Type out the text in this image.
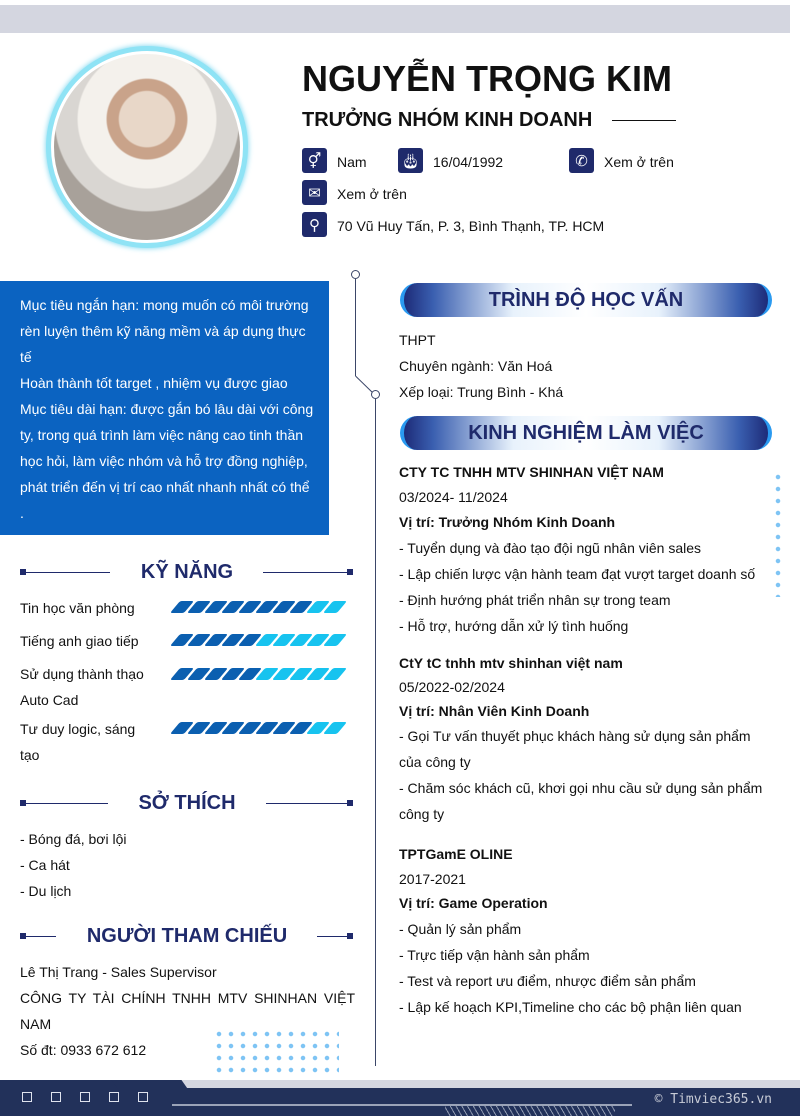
NGUYỄN TRỌNG KIM
TRƯỞNG NHÓM KINH DOANH
⚥	Nam 🎂︎ 16/04/1992	✆	Xem ở trên
✉	Xem ở trên
⚲	70 Vũ Huy Tấn, P. 3, Bình Thạnh, TP. HCM
Mục tiêu ngắn hạn: mong muốn có môi trường rèn luyện thêm kỹ năng mềm và áp dụng thực tế
Hoàn thành tốt target , nhiệm vụ được giao
Mục tiêu dài hạn: được gắn bó lâu dài với công ty, trong quá trình làm việc nâng cao tinh thần học hỏi, làm việc nhóm và hỗ trợ đồng nghiệp, phát triển đến vị trí cao nhất nhanh nhất có thể .
KỸ NĂNG
Tin học văn phòng
Tiếng anh giao tiếp
Sử dụng thành thạo Auto Cad
Tư duy logic, sáng tạo
SỞ THÍCH
- Bóng đá, bơi lội
- Ca hát
- Du lịch
NGƯỜI THAM CHIẾU
Lê Thị Trang - Sales Supervisor
CÔNG TY TÀI CHÍNH TNHH MTV SHINHAN VIỆT NAM
Số đt: 0933 672 612
TRÌNH ĐỘ HỌC VẤN
THPT
Chuyên ngành: Văn Hoá
Xếp loại: Trung Bình - Khá
KINH NGHIỆM LÀM VIỆC
CTY TC TNHH MTV SHINHAN VIỆT NAM
03/2024- 11/2024
Vị trí: Trưởng Nhóm Kinh Doanh
- Tuyển dụng và đào tạo đội ngũ nhân viên sales
- Lập chiến lược vận hành team đạt vượt target doanh số
- Định hướng phát triển nhân sự trong team
- Hỗ trợ, hướng dẫn xử lý tình huống
CtY tC tnhh mtv shinhan việt nam
05/2022-02/2024
Vị trí: Nhân Viên Kinh Doanh
- Gọi Tư vấn thuyết phục khách hàng sử dụng sản phẩm của công ty
- Chăm sóc khách cũ, khơi gọi nhu cầu sử dụng sản phẩm công ty
TPTGamE OLINE
2017-2021
Vị trí: Game Operation
- Quản lý sản phẩm
- Trực tiếp vận hành sản phẩm
- Test và report ưu điểm, nhược điểm sản phẩm
- Lập kế hoạch KPI,Timeline cho các bộ phận liên quan
© Timviec365.vn
